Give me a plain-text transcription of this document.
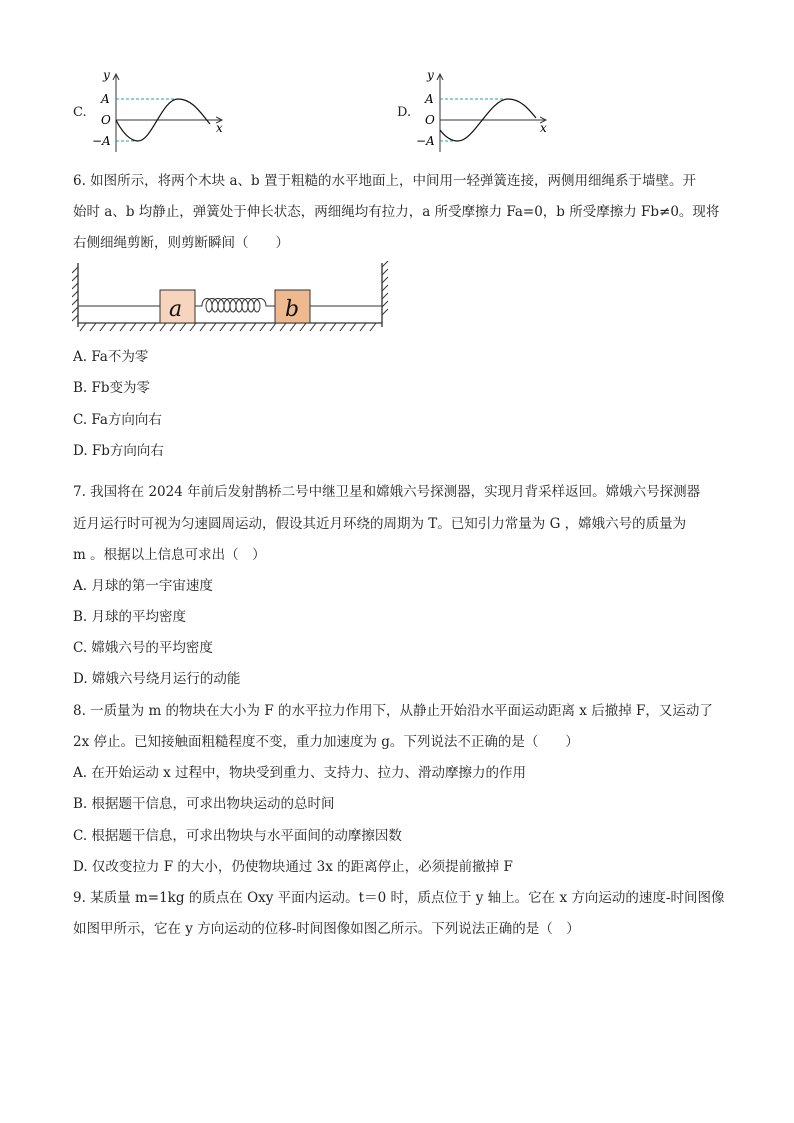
C.
y
A
O
−A
x
D.
y
A
O
−A
x
6. 如图所示，将两个木块 a、b 置于粗糙的水平地面上，中间用一轻弹簧连接，两侧用细绳系于墙壁。开
始时 a、b 均静止，弹簧处于伸长状态，两细绳均有拉力，a 所受摩擦力 Fa=0，b 所受摩擦力 Fb≠0。现将
右侧细绳剪断，则剪断瞬间（　　）
a	b
A. Fa不为零
B. Fb变为零
C. Fa方向向右
D. Fb方向向右
7. 我国将在 2024 年前后发射鹊桥二号中继卫星和嫦娥六号探测器，实现月背采样返回。嫦娥六号探测器
近月运行时可视为匀速圆周运动，假设其近月环绕的周期为 T。已知引力常量为 G ，嫦娥六号的质量为
m 。根据以上信息可求出（　）
A. 月球的第一宇宙速度
B. 月球的平均密度
C. 嫦娥六号的平均密度
D. 嫦娥六号绕月运行的动能
8. 一质量为 m 的物块在大小为 F 的水平拉力作用下，从静止开始沿水平面运动距离 x 后撤掉 F，又运动了
2x 停止。已知接触面粗糙程度不变，重力加速度为 g。下列说法不正确的是（　　）
A. 在开始运动 x 过程中，物块受到重力、支持力、拉力、滑动摩擦力的作用
B. 根据题干信息，可求出物块运动的总时间
C. 根据题干信息，可求出物块与水平面间的动摩擦因数
D. 仅改变拉力 F 的大小，仍使物块通过 3x 的距离停止，必须提前撤掉 F
9. 某质量 m=1kg 的质点在 Oxy 平面内运动。t＝0 时，质点位于 y 轴上。它在 x 方向运动的速度-时间图像
如图甲所示，它在 y 方向运动的位移-时间图像如图乙所示。下列说法正确的是（　）
